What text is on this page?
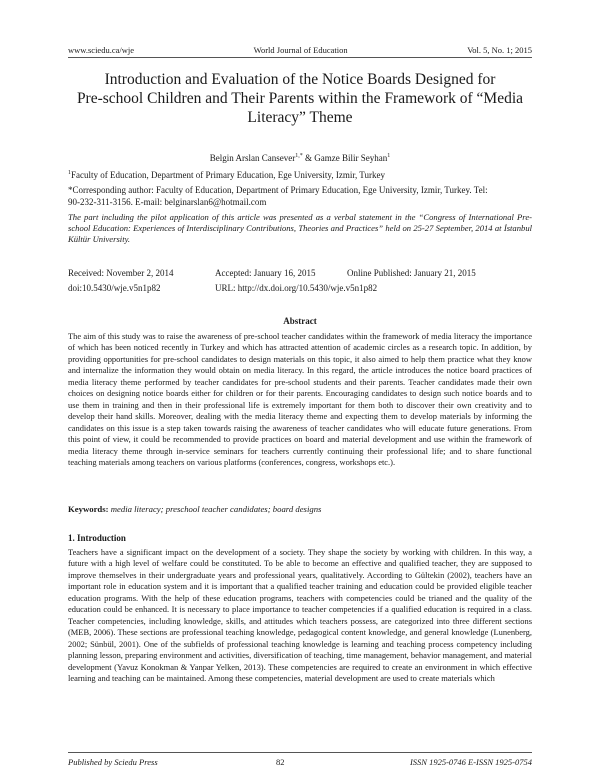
www.sciedu.ca/wje	World Journal of Education	Vol. 5, No. 1; 2015
Introduction and Evaluation of the Notice Boards Designed for
Pre-school Children and Their Parents within the Framework of “Media
Literacy” Theme
Belgin Arslan Cansever$^{1,*}$ & Gamze Bilir Seyhan$^1$
$^1$Faculty of Education, Department of Primary Education, Ege University, Izmir, Turkey
*Corresponding author: Faculty of Education, Department of Primary Education, Ege University, Izmir, Turkey. Tel:
90-232-311-3156. E-mail: belginarslan6@hotmail.com
The part including the pilot application of this article was presented as a verbal statement in the “Congress of International Pre-school Education: Experiences of Interdisciplinary Contributions, Theories and Practices” held on 25-27 September, 2014 at İstanbul Kültür University.
Received: November 2, 2014	Accepted: January 16, 2015	Online Published: January 21, 2015
doi:10.5430/wje.v5n1p82	URL: http://dx.doi.org/10.5430/wje.v5n1p82
Abstract
The aim of this study was to raise the awareness of pre-school teacher candidates within the framework of media literacy the importance of which has been noticed recently in Turkey and which has attracted attention of academic circles as a research topic. In addition, by providing opportunities for pre-school candidates to design materials on this topic, it also aimed to help them practice what they know and internalize the information they would obtain on media literacy. In this regard, the article introduces the notice board practices of media literacy theme performed by teacher candidates for pre-school students and their parents. Teacher candidates made their own choices on designing notice boards either for children or for their parents. Encouraging candidates to design such notice boards and to use them in training and then in their professional life is extremely important for them both to discover their own creativity and to develop their hand skills. Moreover, dealing with the media literacy theme and expecting them to develop materials by informing the candidates on this issue is a step taken towards raising the awareness of teacher candidates who will educate future generations. From this point of view, it could be recommended to provide practices on board and material development and use within the framework of media literacy theme through in-service seminars for teachers currently continuing their professional life; and to share functional teaching materials among teachers on various platforms (conferences, congress, workshops etc.).
Keywords: media literacy; preschool teacher candidates; board designs
1. Introduction
Teachers have a significant impact on the development of a society. They shape the society by working with children. In this way, a future with a high level of welfare could be constituted. To be able to become an effective and qualified teacher, they are supposed to improve themselves in their undergraduate years and professional years, qualitatively. According to Gültekin (2002), teachers have an important role in education system and it is important that a qualified teacher training and education could be provided eligible teacher education programs. With the help of these education programs, teachers with competencies could be trianed and the quality of the education could be enhanced. It is necessary to place importance to teacher competencies if a qualified education is required in a class. Teacher competencies, including knowledge, skills, and attitudes which teachers possess, are categorized into three different sections (MEB, 2006). These sections are professional teaching knowledge, pedagogical content knowledge, and general knowledge (Lunenberg, 2002; Sünbül, 2001). One of the subfields of professional teaching knowledge is learning and teaching process competency including planning lesson, preparing environment and activities, diversification of teaching, time management, behavior management, and material development (Yavuz Konokman & Yanpar Yelken, 2013). These competencies are required to create an environment in which effective learning and teaching can be maintained. Among these competencies, material development are used to create materials which
Published by Sciedu Press	82	ISSN 1925-0746 E-ISSN 1925-0754
